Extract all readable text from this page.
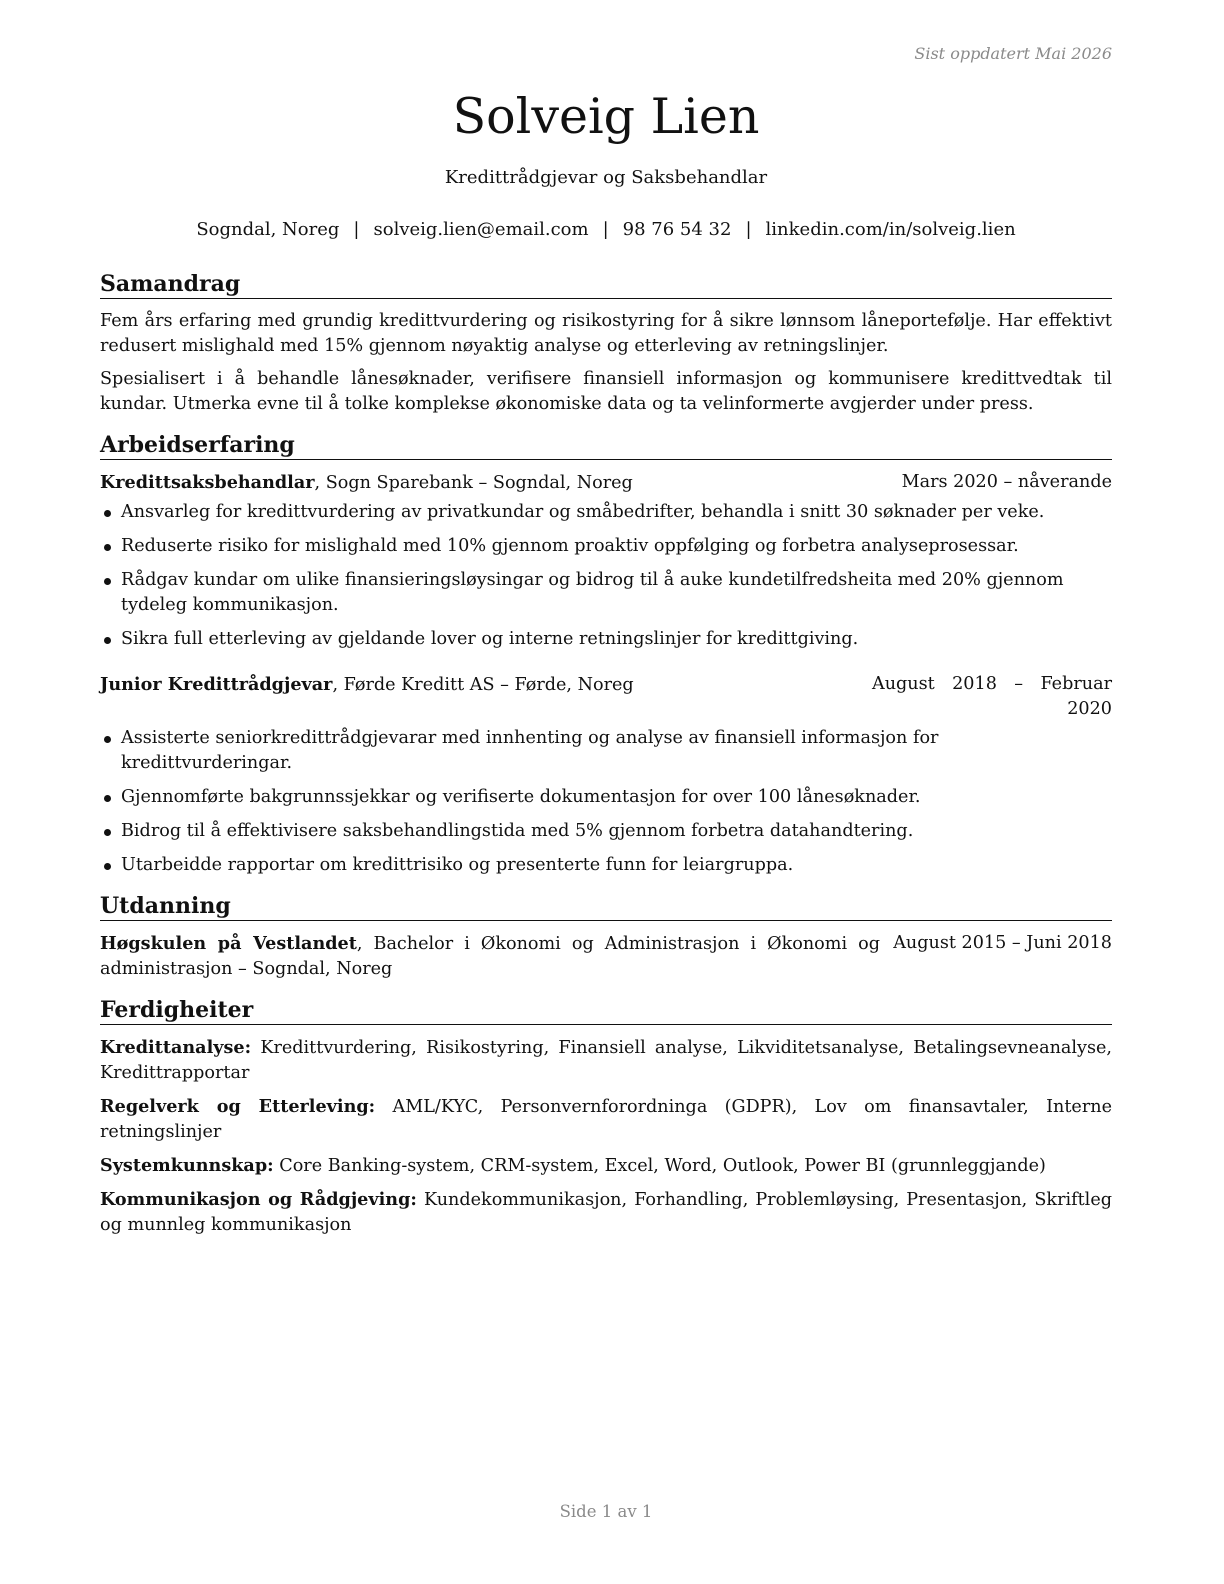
Sist oppdatert Mai 2026
Solveig Lien
Kredittrådgjevar og Saksbehandlar
Sogndal, Noreg | solveig.lien@email.com | 98 76 54 32 | linkedin.com/in/solveig.lien
Samandrag

Fem års erfaring med grundig kredittvurdering og risikostyring for å sikre lønnsom låneportefølje. Har effektivt redusert mislighald med 15% gjennom nøyaktig analyse og etterleving av retningslinjer.

Spesialisert i å behandle lånesøknader, verifisere finansiell informasjon og kommunisere kredittvedtak til kundar. Utmerka evne til å tolke komplekse økonomiske data og ta velinformerte avgjerder under press.

Arbeidserfaring
Kredittsaksbehandlar, Sogn Sparebank – Sogndal, Noreg	Mars 2020 – nåverande
Ansvarleg for kredittvurdering av privatkundar og småbedrifter, behandla i snitt 30 søknader per veke.
Reduserte risiko for mislighald med 10% gjennom proaktiv oppfølging og forbetra analyseprosessar.
Rådgav kundar om ulike finansieringsløysingar og bidrog til å auke kundetilfredsheita med 20% gjennom tydeleg kommunikasjon.
Sikra full etterleving av gjeldande lover og interne retningslinjer for kredittgiving.
Junior Kredittrådgjevar, Førde Kreditt AS – Førde, Noreg	August 2018 – Februar 2020
Assisterte seniorkredittrådgjevarar med innhenting og analyse av finansiell informasjon for kredittvurderingar.
Gjennomførte bakgrunnssjekkar og verifiserte dokumentasjon for over 100 lånesøknader.
Bidrog til å effektivisere saksbehandlingstida med 5% gjennom forbetra datahandtering.
Utarbeidde rapportar om kredittrisiko og presenterte funn for leiargruppa.
Utdanning
Høgskulen på Vestlandet, Bachelor i Økonomi og Administrasjon i Økonomi og administrasjon – Sogndal, Noreg
August 2015 – Juni 2018
Ferdigheiter

Kredittanalyse: Kredittvurdering, Risikostyring, Finansiell analyse, Likviditetsanalyse, Betalingsevneanalyse, Kredittrapportar

Regelverk og Etterleving: AML/KYC, Personvernforordninga (GDPR), Lov om finansavtaler, Interne retningslinjer

Systemkunnskap: Core Banking-system, CRM-system, Excel, Word, Outlook, Power BI (grunnleggjande)

Kommunikasjon og Rådgjeving: Kundekommunikasjon, Forhandling, Problemløysing, Presentasjon, Skriftleg og munnleg kommunikasjon

Side 1 av 1
